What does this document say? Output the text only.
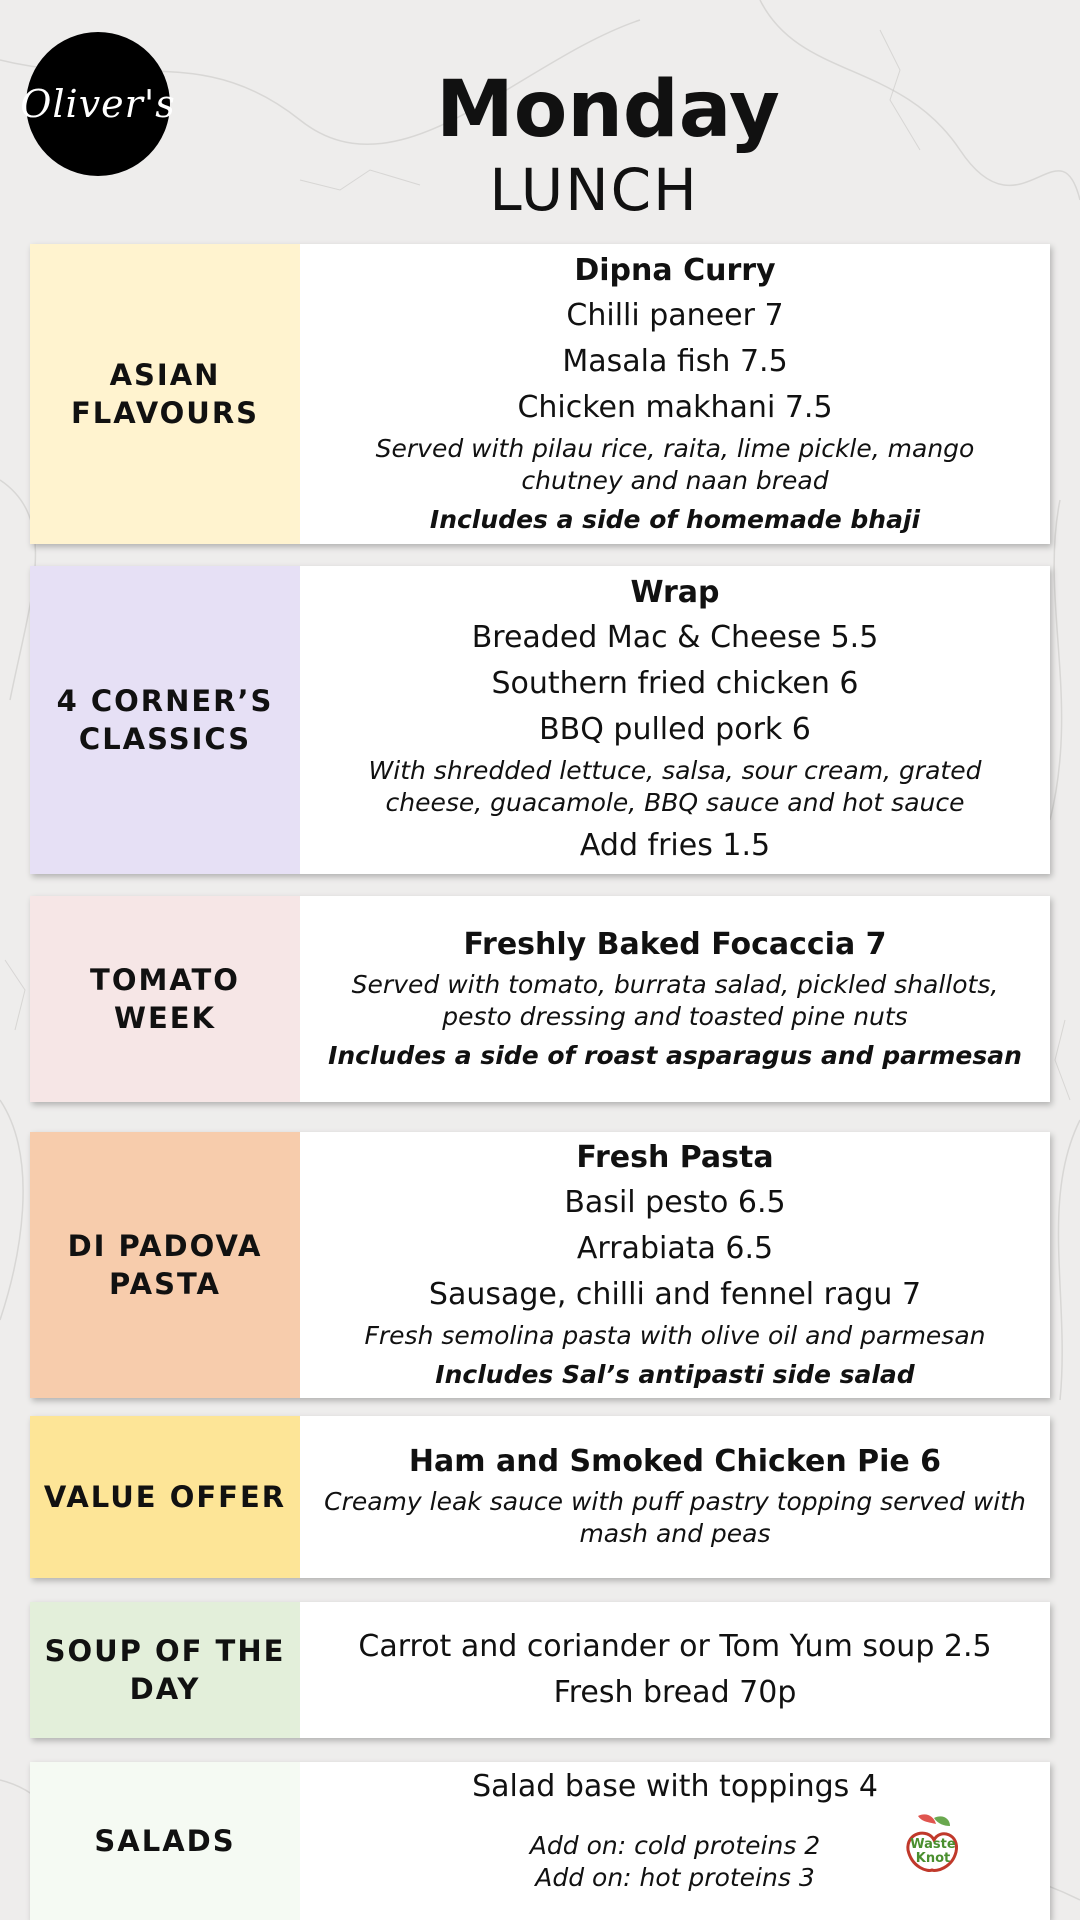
Oliver's	Monday
LUNCH
ASIAN FLAVOURS
Dipna Curry
Chilli paneer 7
Masala fish 7.5
Chicken makhani 7.5
Served with pilau rice, raita, lime pickle, mango chutney and naan bread
Includes a side of homemade bhaji
4 CORNER’S CLASSICS
Wrap
Breaded Mac & Cheese 5.5
Southern fried chicken 6
BBQ pulled pork 6
With shredded lettuce, salsa, sour cream, grated cheese, guacamole, BBQ sauce and hot sauce
Add fries 1.5
TOMATO WEEK
Freshly Baked Focaccia 7
Served with tomato, burrata salad, pickled shallots, pesto dressing and toasted pine nuts
Includes a side of roast asparagus and parmesan
DI PADOVA PASTA
Fresh Pasta
Basil pesto 6.5
Arrabiata 6.5
Sausage, chilli and fennel ragu 7
Fresh semolina pasta with olive oil and parmesan
Includes Sal’s antipasti side salad
VALUE OFFER
Ham and Smoked Chicken Pie 6
Creamy leak sauce with puff pastry topping served with mash and peas
SOUP OF THE DAY
Carrot and coriander or Tom Yum soup 2.5
Fresh bread 70p
SALADS
Salad base with toppings 4
Add on: cold proteins 2
Add on: hot proteins 3
Waste
Knot
